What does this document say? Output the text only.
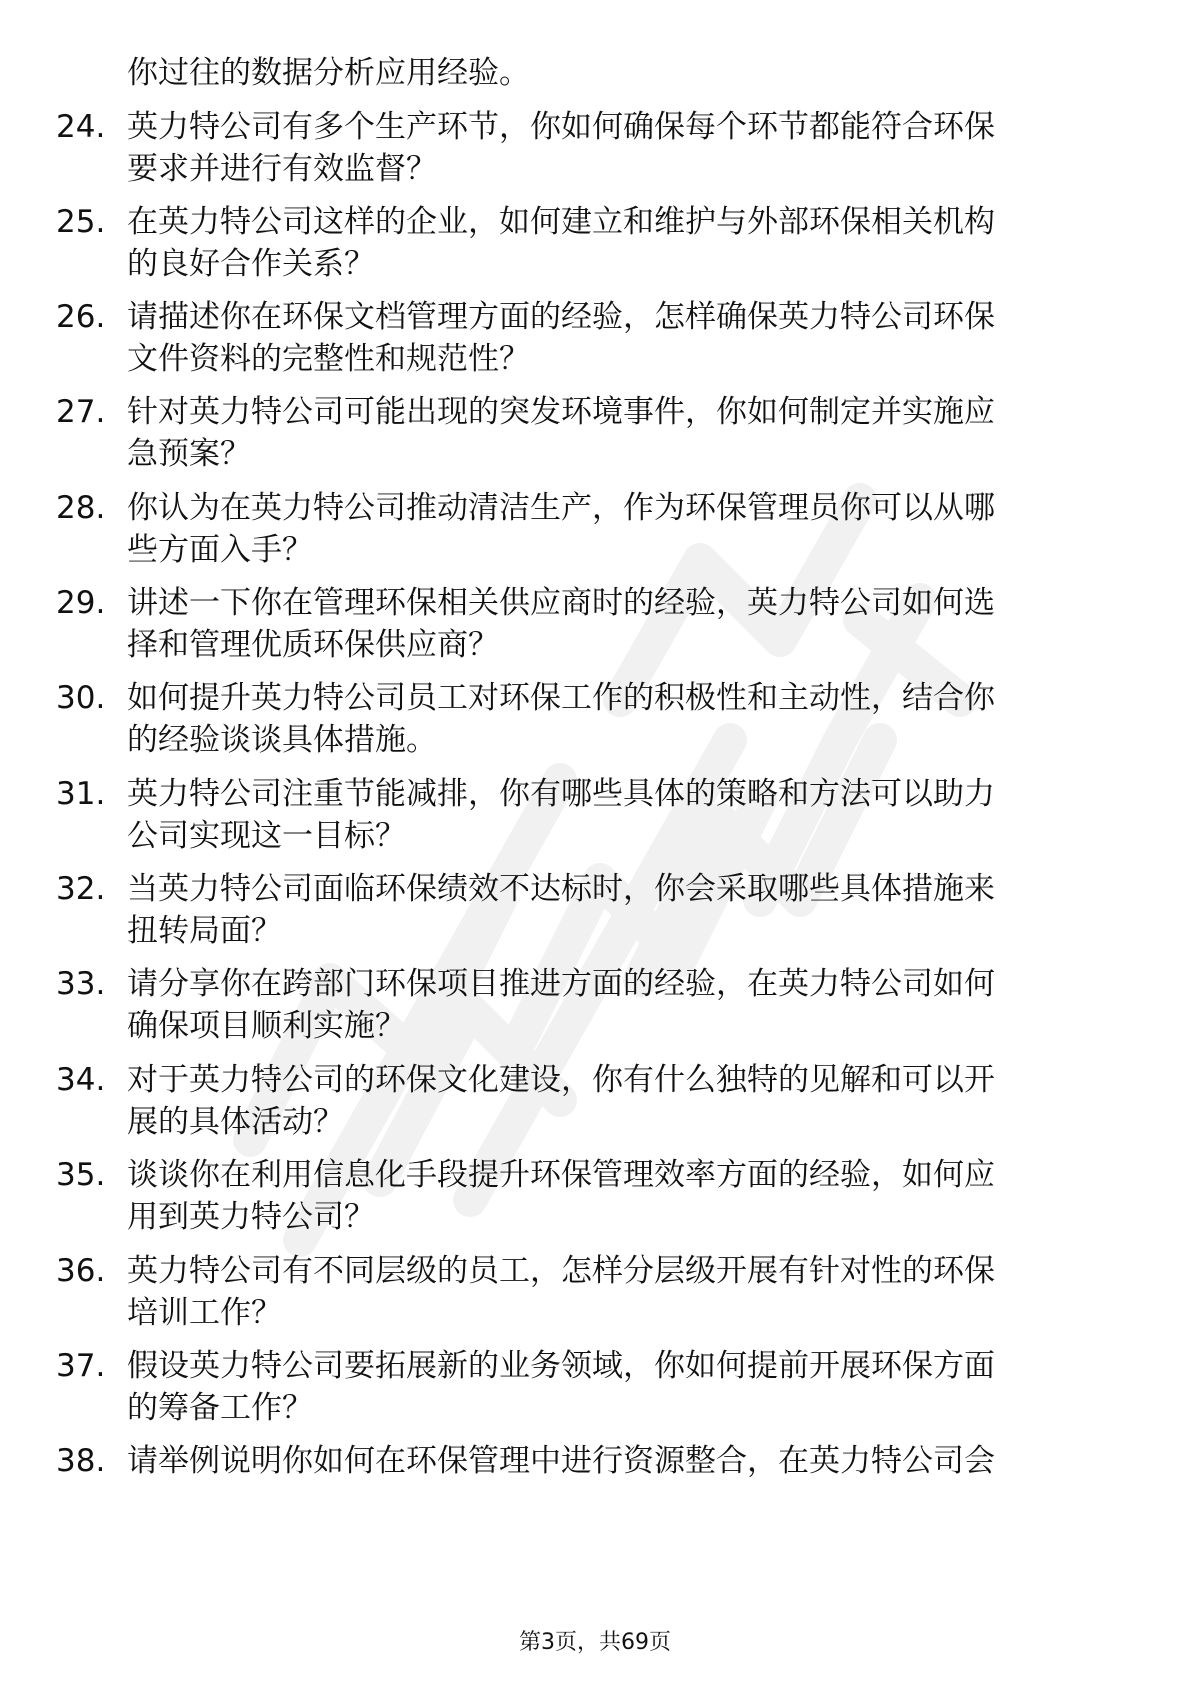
你过往的数据分析应用经验。
24. 英力特公司有多个生产环节，你如何确保每个环节都能符合环保
要求并进行有效监督？
25. 在英力特公司这样的企业，如何建立和维护与外部环保相关机构
的良好合作关系？
26. 请描述你在环保文档管理方面的经验，怎样确保英力特公司环保
文件资料的完整性和规范性？
27. 针对英力特公司可能出现的突发环境事件，你如何制定并实施应
急预案？
28. 你认为在英力特公司推动清洁生产，作为环保管理员你可以从哪
些方面入手？
29. 讲述一下你在管理环保相关供应商时的经验，英力特公司如何选
择和管理优质环保供应商？
30. 如何提升英力特公司员工对环保工作的积极性和主动性，结合你
的经验谈谈具体措施。
31. 英力特公司注重节能减排，你有哪些具体的策略和方法可以助力
公司实现这一目标？
32. 当英力特公司面临环保绩效不达标时，你会采取哪些具体措施来
扭转局面？
33. 请分享你在跨部门环保项目推进方面的经验，在英力特公司如何
确保项目顺利实施？
34. 对于英力特公司的环保文化建设，你有什么独特的见解和可以开
展的具体活动？
35. 谈谈你在利用信息化手段提升环保管理效率方面的经验，如何应
用到英力特公司？
36. 英力特公司有不同层级的员工，怎样分层级开展有针对性的环保
培训工作？
37. 假设英力特公司要拓展新的业务领域，你如何提前开展环保方面
的筹备工作？
38. 请举例说明你如何在环保管理中进行资源整合，在英力特公司会
第3页，共69页
